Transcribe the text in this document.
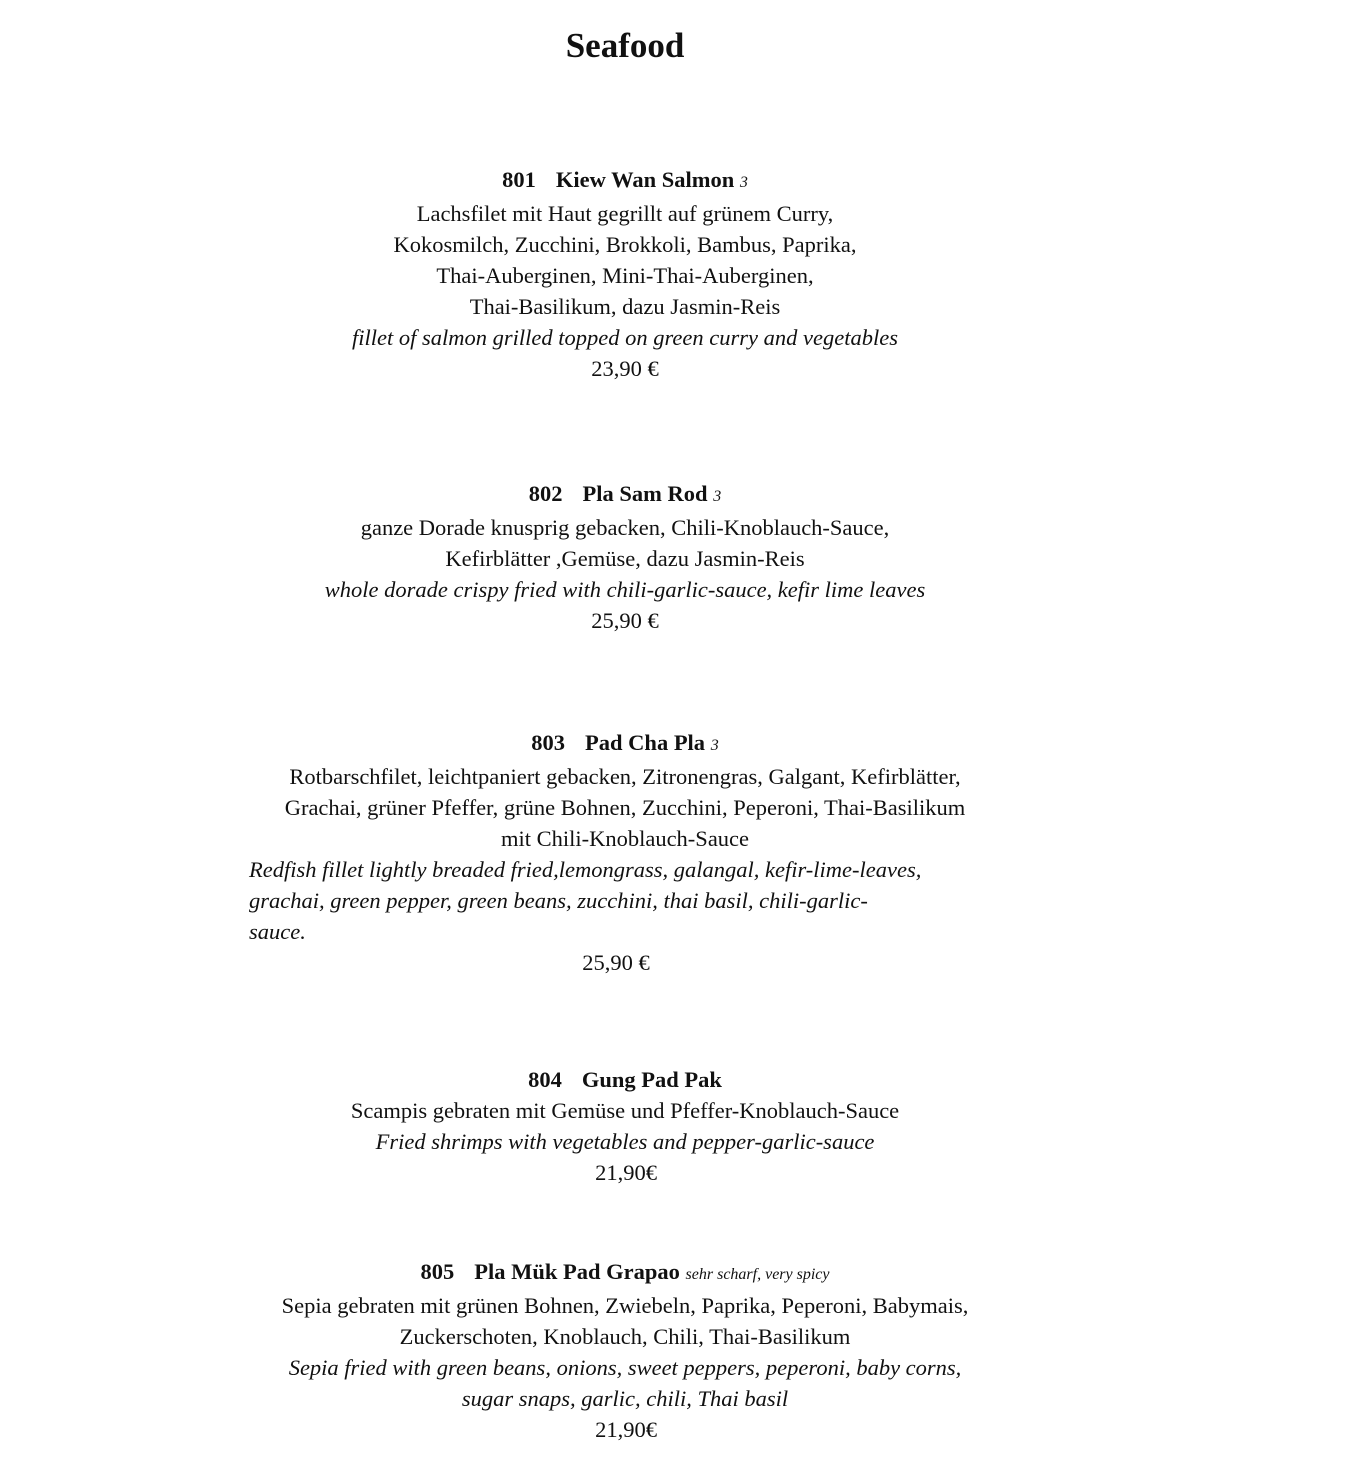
Seafood
801 Kiew Wan Salmon 3
Lachsfilet mit Haut gegrillt auf grünem Curry,
Kokosmilch, Zucchini, Brokkoli, Bambus, Paprika,
Thai-Auberginen, Mini-Thai-Auberginen,
Thai-Basilikum, dazu Jasmin-Reis
fillet of salmon grilled topped on green curry and vegetables
23,90 €
802 Pla Sam Rod 3
ganze Dorade knusprig gebacken, Chili-Knoblauch-Sauce,
Kefirblätter ,Gemüse, dazu Jasmin-Reis
whole dorade crispy fried with chili-garlic-sauce, kefir lime leaves
25,90 €
803 Pad Cha Pla 3
Rotbarschfilet, leichtpaniert gebacken, Zitronengras, Galgant, Kefirblätter,
Grachai, grüner Pfeffer, grüne Bohnen, Zucchini, Peperoni, Thai-Basilikum
mit Chili-Knoblauch-Sauce
Redfish fillet lightly breaded fried,lemongrass, galangal, kefir-lime-leaves,
grachai, green pepper, green beans, zucchini, thai basil, chili-garlic-
sauce.
25,90 €
804 Gung Pad Pak
Scampis gebraten mit Gemüse und Pfeffer-Knoblauch-Sauce
Fried shrimps with vegetables and pepper-garlic-sauce
21,90€
805 Pla Mük Pad Grapao sehr scharf, very spicy
Sepia gebraten mit grünen Bohnen, Zwiebeln, Paprika, Peperoni, Babymais,
Zuckerschoten, Knoblauch, Chili, Thai-Basilikum
Sepia fried with green beans, onions, sweet peppers, peperoni, baby corns,
sugar snaps, garlic, chili, Thai basil
21,90€
